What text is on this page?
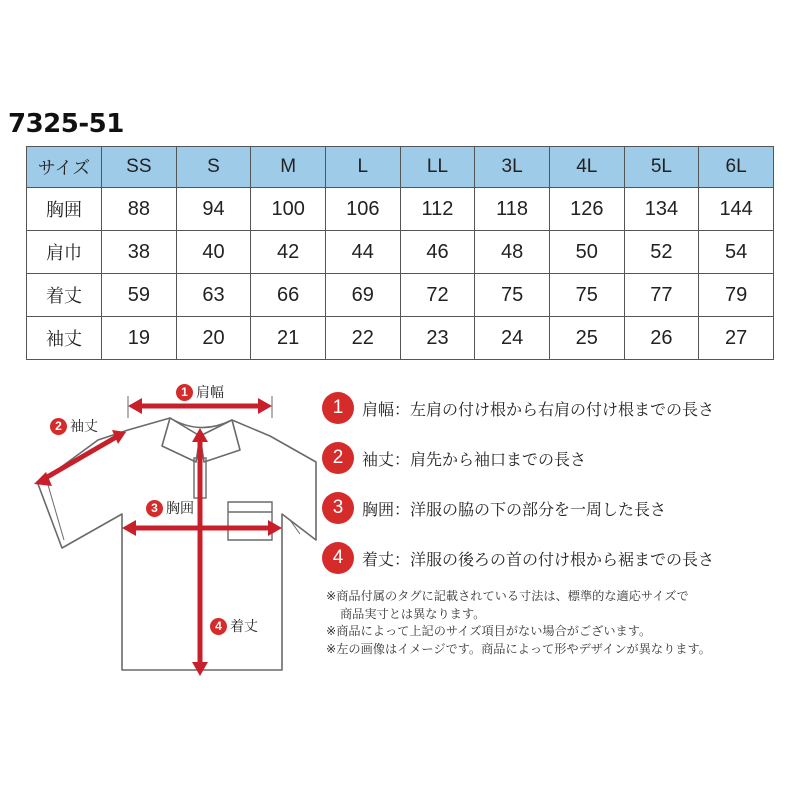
7325-51
サイズ	SS	S	M	L	LL	3L	4L	5L	6L
胸囲	88	94	100	106	112	118	126	134	144
肩巾	38	40	42	44	46	48	50	52	54
着丈	59	63	66	69	72	75	75	77	79
袖丈	19	20	21	22	23	24	25	26	27
1 肩幅
2 袖丈
3 胸囲
4 着丈
1	肩幅：左肩の付け根から右肩の付け根までの長さ
2	袖丈：肩先から袖口までの長さ
3	胸囲：洋服の脇の下の部分を一周した長さ
4	着丈：洋服の後ろの首の付け根から裾までの長さ
※商品付属のタグに記載されている寸法は、標準的な適応サイズで
商品実寸とは異なります。
※商品によって上記のサイズ項目がない場合がございます。
※左の画像はイメージです。商品によって形やデザインが異なります。
